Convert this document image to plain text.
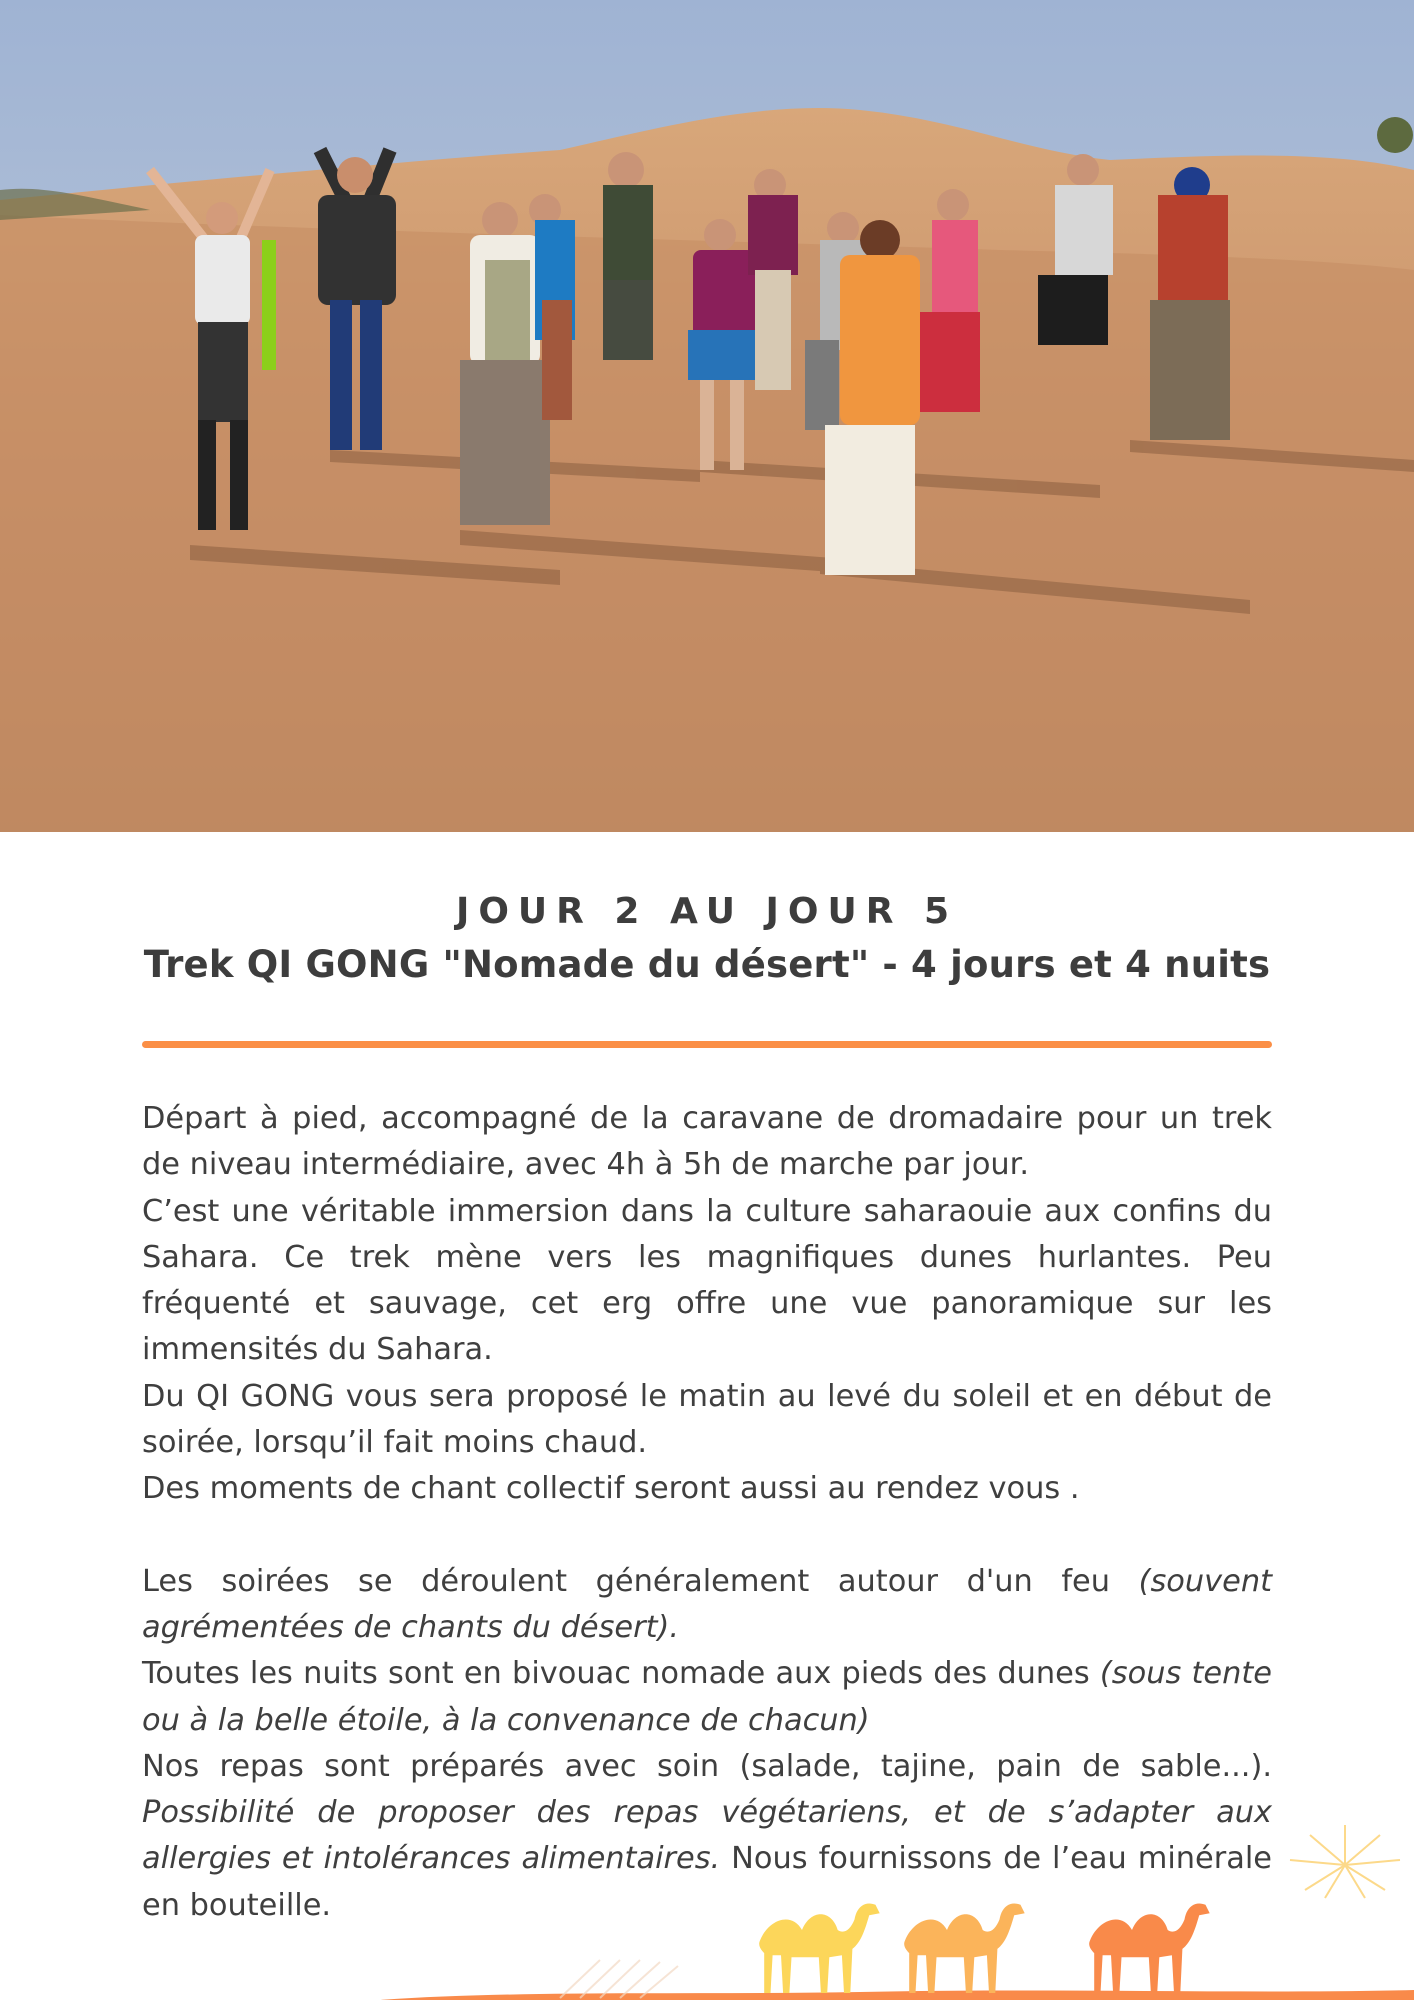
JOUR 2 AU JOUR 5
Trek QI GONG "Nomade du désert" - 4 jours et 4 nuits

Départ à pied, accompagné de la caravane de dromadaire pour un trek de niveau intermédiaire, avec 4h à 5h de marche par jour.

C’est une véritable immersion dans la culture saharaouie aux confins du Sahara. Ce trek mène vers les magnifiques dunes hurlantes. Peu fréquenté et sauvage, cet erg offre une vue panoramique sur les immensités du Sahara.

Du QI GONG vous sera proposé le matin au levé du soleil et en début de soirée, lorsqu’il fait moins chaud.

Des moments de chant collectif seront aussi au rendez vous .

Les soirées se déroulent généralement autour d'un feu (souvent agrémentées de chants du désert).

Toutes les nuits sont en bivouac nomade aux pieds des dunes (sous tente ou à la belle étoile, à la convenance de chacun)

Nos repas sont préparés avec soin (salade, tajine, pain de sable...). Possibilité de proposer des repas végétariens, et de s’adapter aux allergies et intolérances alimentaires. Nous fournissons de l’eau minérale en bouteille.
